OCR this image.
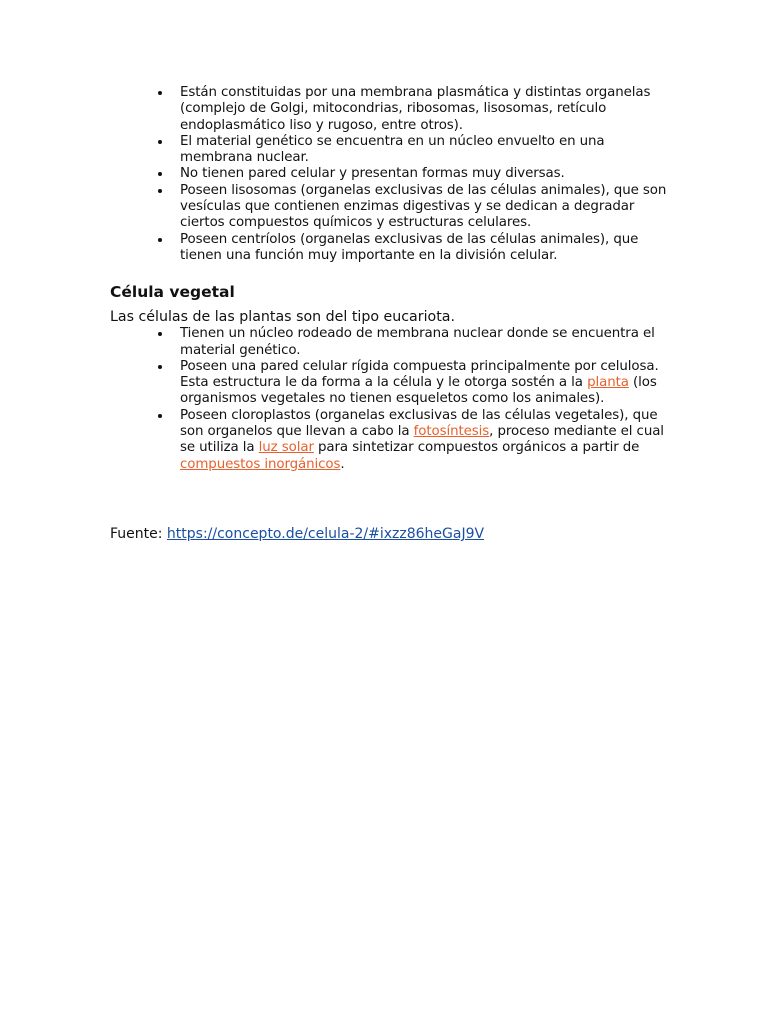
Están constituidas por una membrana plasmática y distintas organelas (complejo de Golgi, mitocondrias, ribosomas, lisosomas, retículo endoplasmático liso y rugoso, entre otros).
El material genético se encuentra en un núcleo envuelto en una membrana nuclear.
No tienen pared celular y presentan formas muy diversas.
Poseen lisosomas (organelas exclusivas de las células animales), que son vesículas que contienen enzimas digestivas y se dedican a degradar ciertos compuestos químicos y estructuras celulares.
Poseen centríolos (organelas exclusivas de las células animales), que tienen una función muy importante en la división celular.
Célula vegetal

Las células de las plantas son del tipo eucariota.

Tienen un núcleo rodeado de membrana nuclear donde se encuentra el material genético.
Poseen una pared celular rígida compuesta principalmente por celulosa. Esta estructura le da forma a la célula y le otorga sostén a la planta (los organismos vegetales no tienen esqueletos como los animales).
Poseen cloroplastos (organelas exclusivas de las células vegetales), que son organelos que llevan a cabo la fotosíntesis, proceso mediante el cual se utiliza la luz solar para sintetizar compuestos orgánicos a partir de compuestos inorgánicos.

Fuente: https://concepto.de/celula-2/#ixzz86heGaJ9V
